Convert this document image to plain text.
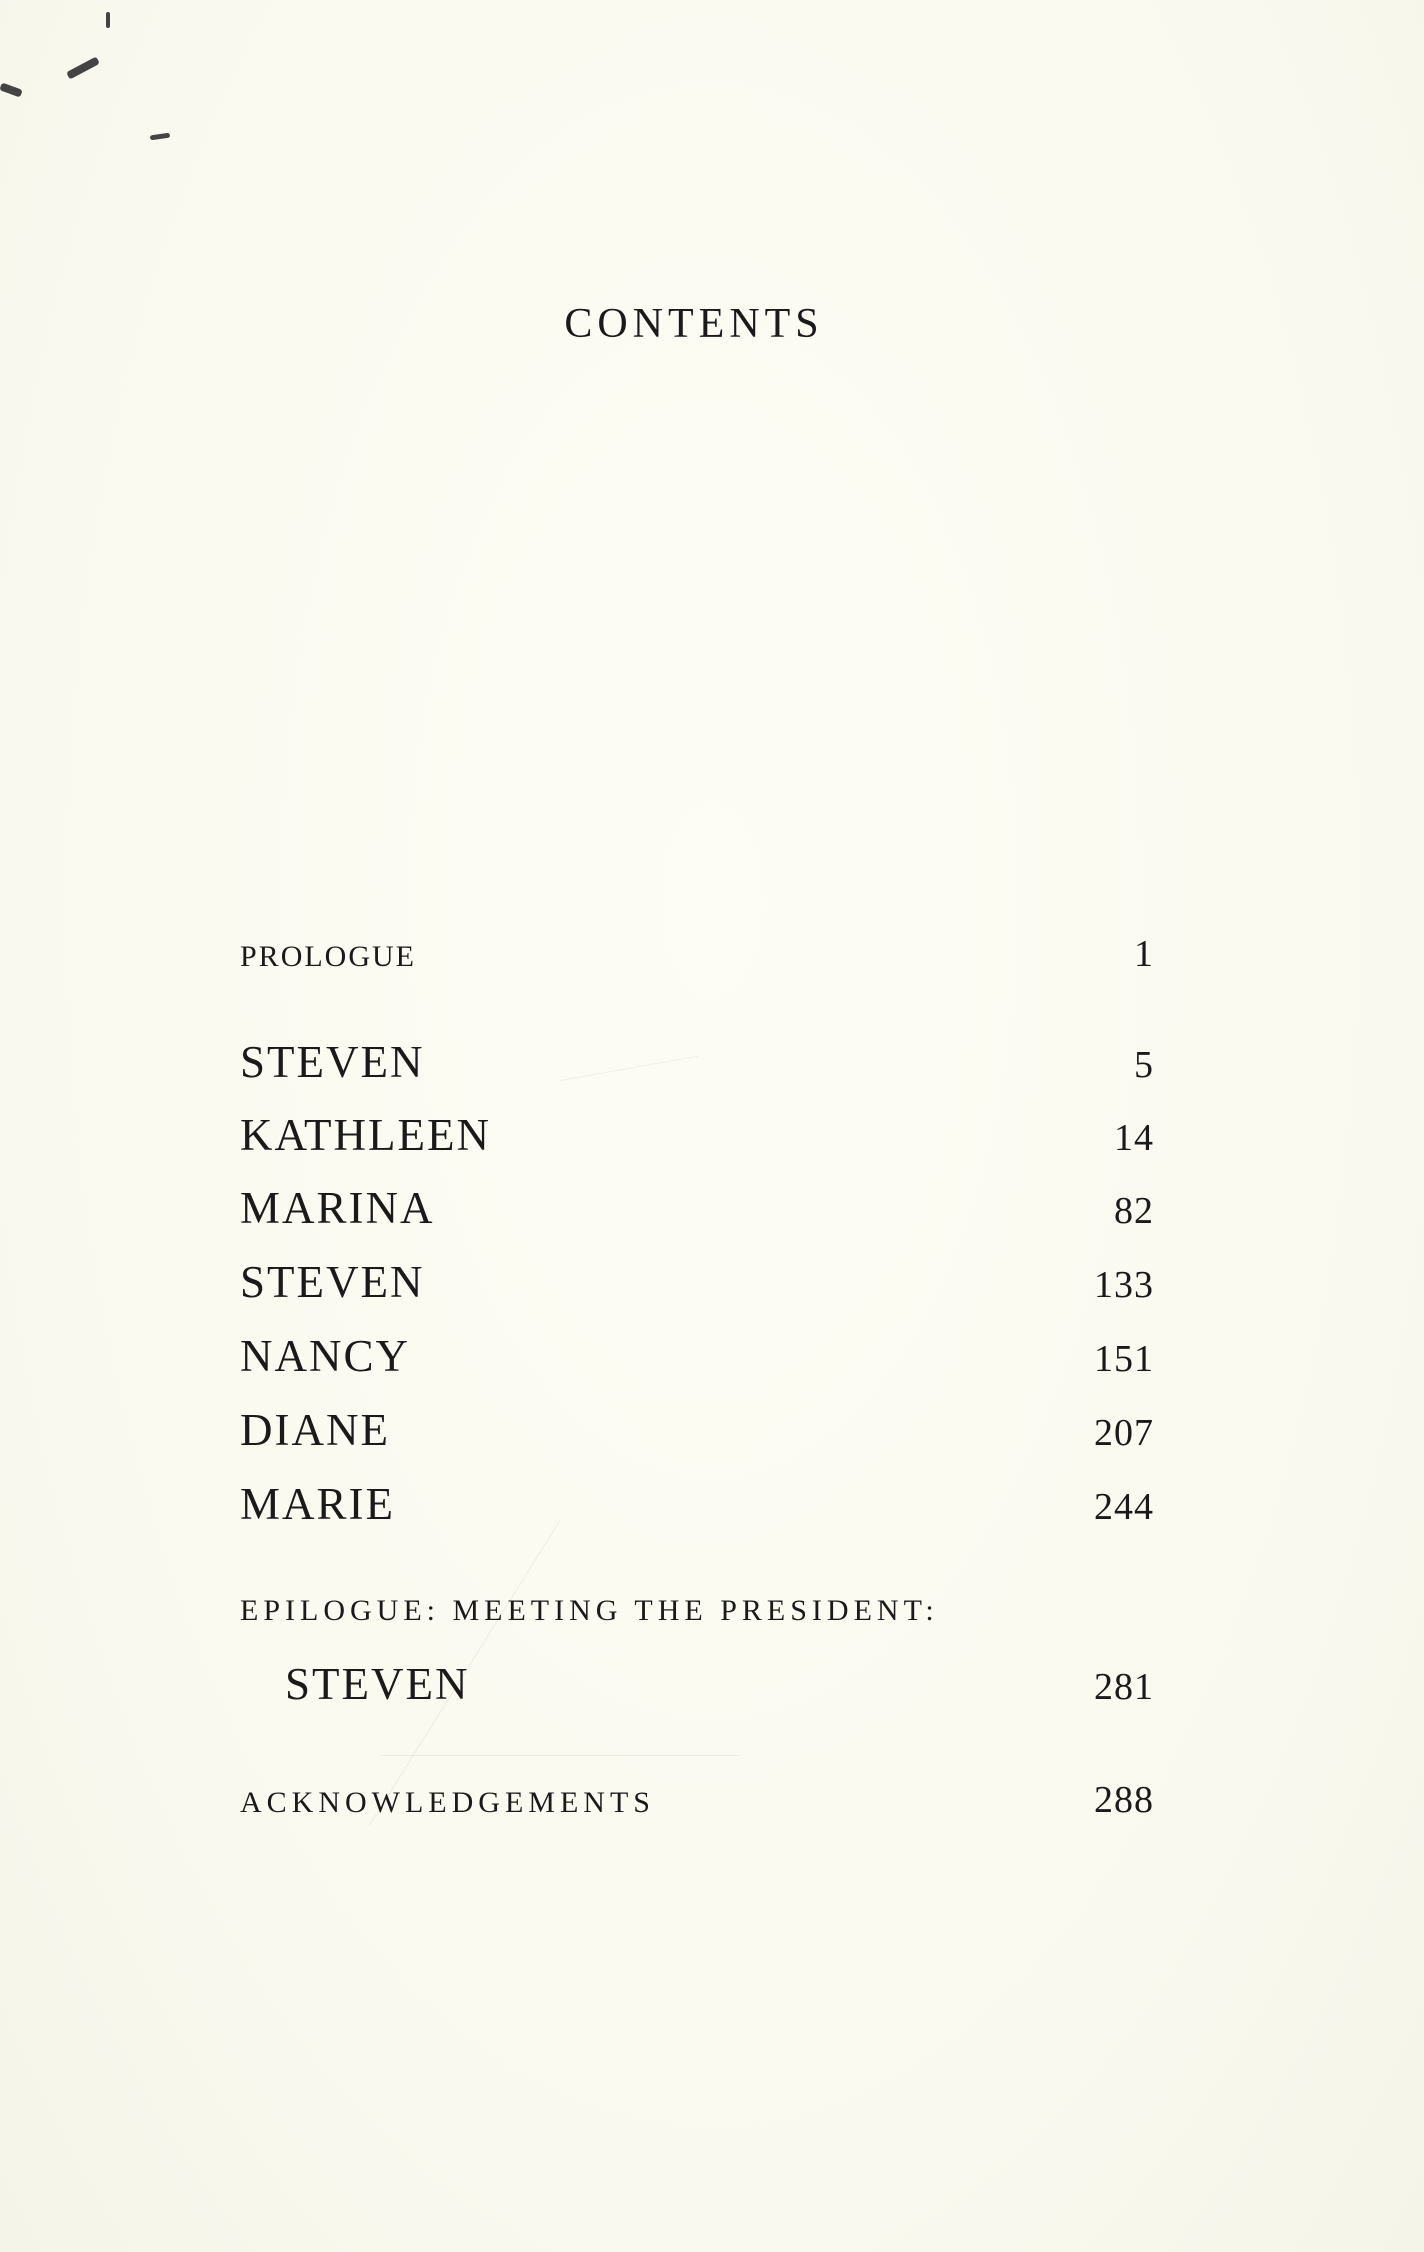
CONTENTS
PROLOGUE	1
STEVEN	5
KATHLEEN	14
MARINA	82
STEVEN	133
NANCY	151
DIANE	207
MARIE	244
EPILOGUE: MEETING THE PRESIDENT:
STEVEN	281
ACKNOWLEDGEMENTS	288
